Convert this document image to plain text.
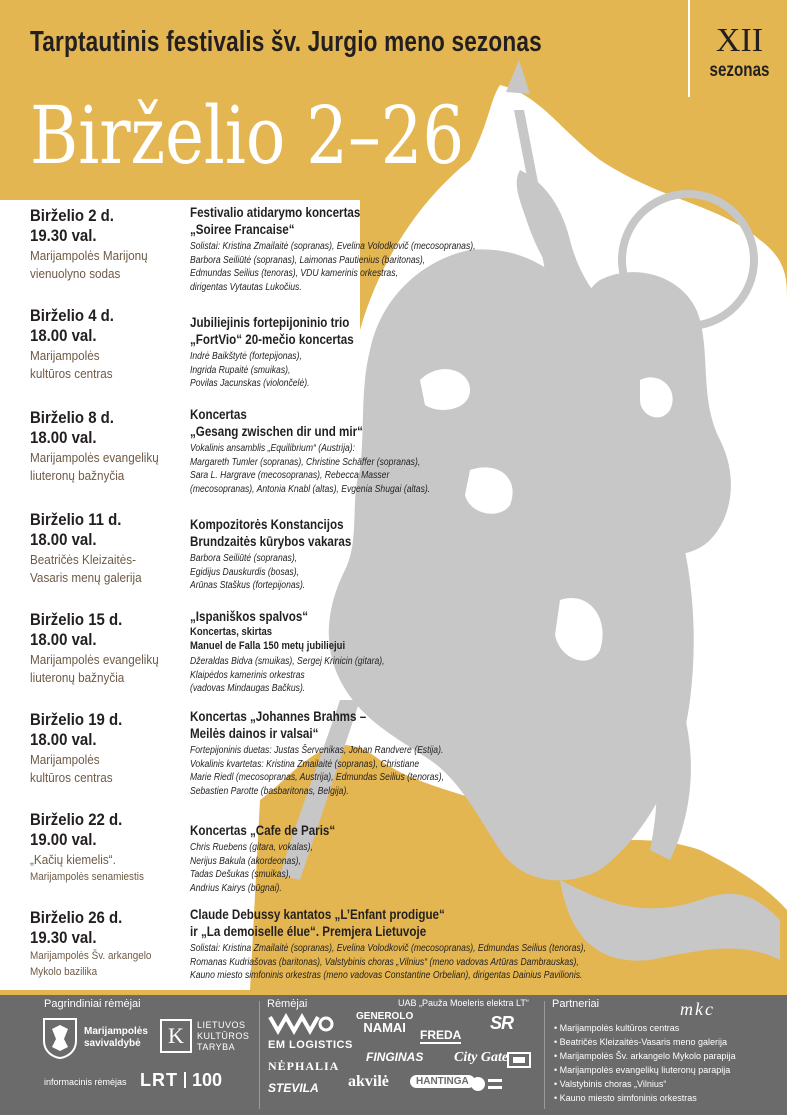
Tarptautinis festivalis šv. Jurgio meno sezonas
Birželio 2–26
XII
sezonas
Birželio 2 d.
19.30 val.
Marijampolės Marijonų
vienuolyno sodas
Festivalio atidarymo koncertas
„Soiree Francaise“
Solistai: Kristina Zmailaitė (sopranas), Evelina Volodkovič (mecosopranas),
Barbora Seiliūtė (sopranas), Laimonas Pautienius (baritonas),
Edmundas Seilius (tenoras), VDU kamerinis orkestras,
dirigentas Vytautas Lukočius.
Birželio 4 d.
18.00 val.
Marijampolės
kultūros centras
Jubiliejinis fortepijoninio trio
„FortVio“ 20-mečio koncertas
Indrė Baikštytė (fortepijonas),
Ingrida Rupaitė (smuikas),
Povilas Jacunskas (violončelė).
Birželio 8 d.
18.00 val.
Marijampolės evangelikų
liuteronų bažnyčia
Koncertas
„Gesang zwischen dir und mir“
Vokalinis ansamblis „Equilibrium“ (Austrija):
Margareth Tumler (sopranas), Christine Schäffer (sopranas),
Sara L. Hargrave (mecosopranas), Rebecca Masser
(mecosopranas), Antonia Knabl (altas), Evgenia Shugai (altas).
Birželio 11 d.
18.00 val.
Beatričės Kleizaitės-
Vasaris menų galerija
Kompozitorės Konstancijos
Brundzaitės kūrybos vakaras
Barbora Seiliūtė (sopranas),
Egidijus Dauskurdis (bosas),
Arūnas Staškus (fortepijonas).
Birželio 15 d.
18.00 val.
Marijampolės evangelikų
liuteronų bažnyčia
„Ispaniškos spalvos“
Koncertas, skirtas
Manuel de Falla 150 metų jubiliejui
Džeraldas Bidva (smuikas), Sergej Krinicin (gitara),
Klaipėdos kamerinis orkestras
(vadovas Mindaugas Bačkus).
Birželio 19 d.
18.00 val.
Marijampolės
kultūros centras
Koncertas „Johannes Brahms –
Meilės dainos ir valsai“
Fortepijoninis duetas: Justas Šervenikas, Johan Randvere (Estija).
Vokalinis kvartetas: Kristina Zmailaitė (sopranas), Christiane
Marie Riedl (mecosopranas, Austrija), Edmundas Seilius (tenoras),
Sebastien Parotte (basbaritonas, Belgija).
Birželio 22 d.
19.00 val.
„Kačių kiemelis“.
Marijampolės senamiestis
Koncertas „Cafe de Paris“
Chris Ruebens (gitara, vokalas),
Nerijus Bakula (akordeonas),
Tadas Dešukas (smuikas),
Andrius Kairys (būgnai).
Birželio 26 d.
19.30 val.
Marijampolės Šv. arkangelo
Mykolo bazilika
Claude Debussy kantatos „L’Enfant prodigue“
ir „La demoiselle élue“. Premjera Lietuvoje
Solistai: Kristina Zmailaitė (sopranas), Evelina Volodkovič (mecosopranas), Edmundas Seilius (tenoras),
Romanas Kudriašovas (baritonas), Valstybinis choras „Vilnius“ (meno vadovas Artūras Dambrauskas),
Kauno miesto simfoninis orkestras (meno vadovas Constantine Orbelian), dirigentas Dainius Pavilionis.
Pagrindiniai rėmėjai
Marijampolės
savivaldybė	K	LIETUVOS
KULTŪROS
TARYBA
informacinis rėmėjas LRT 100
Rėmėjai
EM LOGISTICS
NĖPHALIA
STEVILA
UAB „Pauža Moeleris elektra LT“
GENEROLO
NAMAI	FREDA
SR
FINGINAS City Gate
akvilė	HANTINGA
Partneriai	mkc
• Marijampolės kultūros centras
• Beatričės Kleizaitės-Vasaris meno galerija
• Marijampolės Šv. arkangelo Mykolo parapija
• Marijampolės evangelikų liuteronų parapija
• Valstybinis choras „Vilnius“
• Kauno miesto simfoninis orkestras
